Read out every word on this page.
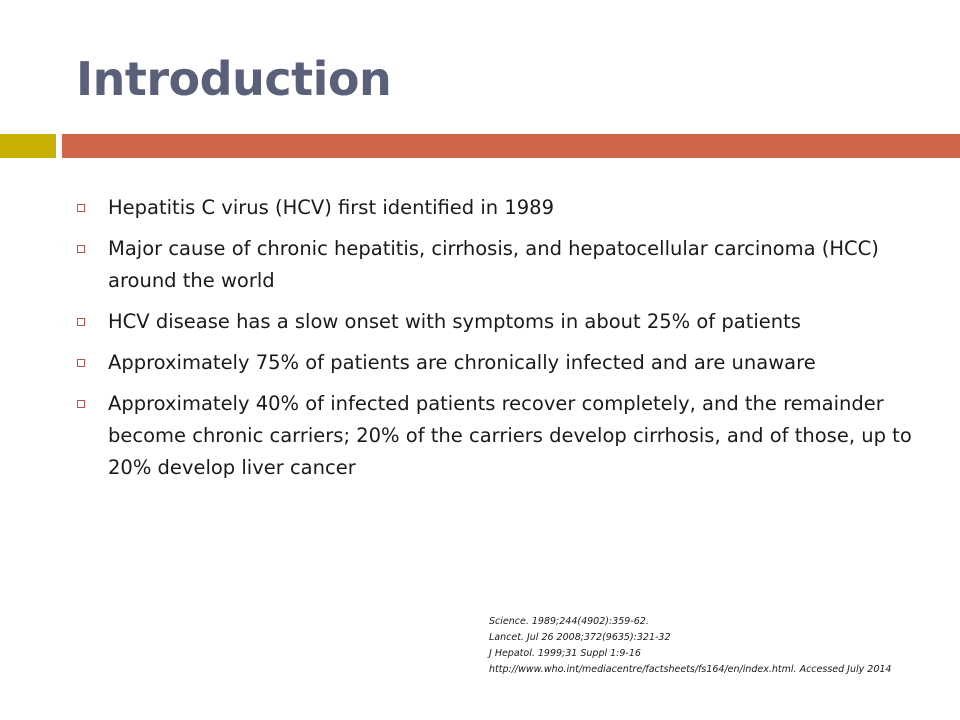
Introduction
Hepatitis C virus (HCV) first identified in 1989
Major cause of chronic hepatitis, cirrhosis, and hepatocellular carcinoma (HCC) around the world
HCV disease has a slow onset with symptoms in about 25% of patients
Approximately 75% of patients are chronically infected and are unaware
Approximately 40% of infected patients recover completely, and the remainder become chronic carriers; 20% of the carriers develop cirrhosis, and of those, up to 20% develop liver cancer
Science. 1989;244(4902):359-62.
Lancet. Jul 26 2008;372(9635):321-32
J Hepatol. 1999;31 Suppl 1:9-16
http://www.who.int/mediacentre/factsheets/fs164/en/index.html. Accessed July 2014
